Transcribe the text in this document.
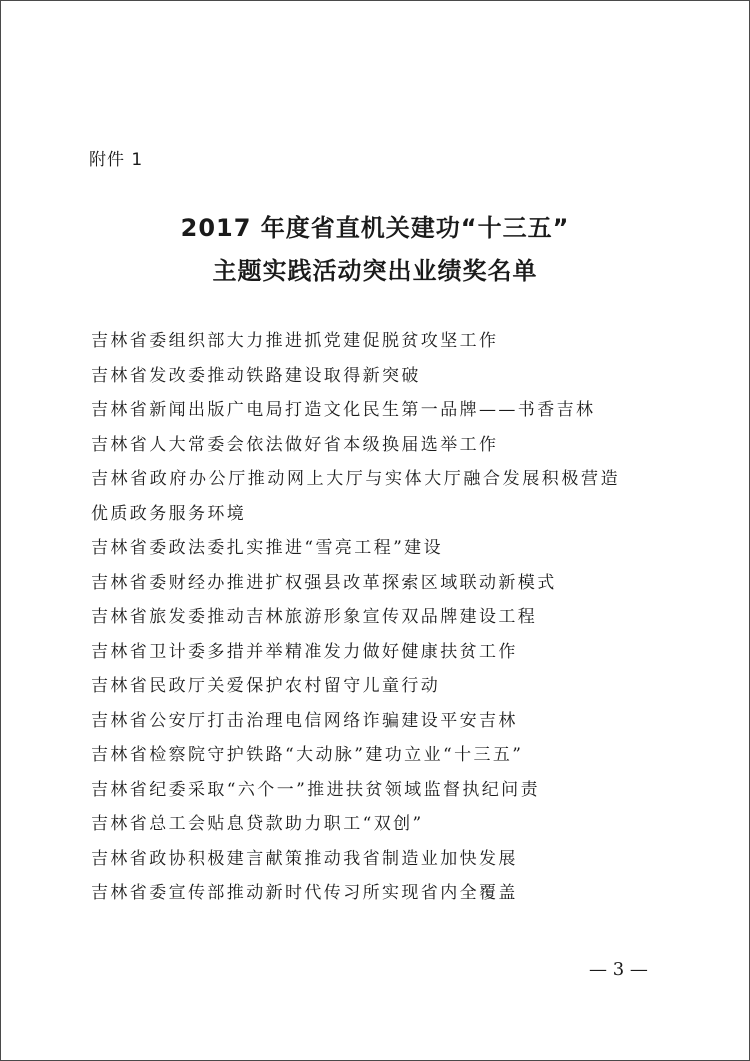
附件 1
2017 年度省直机关建功“十三五”
主题实践活动突出业绩奖名单
吉林省委组织部大力推进抓党建促脱贫攻坚工作
吉林省发改委推动铁路建设取得新突破
吉林省新闻出版广电局打造文化民生第一品牌——书香吉林
吉林省人大常委会依法做好省本级换届选举工作
吉林省政府办公厅推动网上大厅与实体大厅融合发展积极营造
优质政务服务环境
吉林省委政法委扎实推进“雪亮工程”建设
吉林省委财经办推进扩权强县改革探索区域联动新模式
吉林省旅发委推动吉林旅游形象宣传双品牌建设工程
吉林省卫计委多措并举精准发力做好健康扶贫工作
吉林省民政厅关爱保护农村留守儿童行动
吉林省公安厅打击治理电信网络诈骗建设平安吉林
吉林省检察院守护铁路“大动脉”建功立业“十三五”
吉林省纪委采取“六个一”推进扶贫领域监督执纪问责
吉林省总工会贴息贷款助力职工“双创”
吉林省政协积极建言献策推动我省制造业加快发展
吉林省委宣传部推动新时代传习所实现省内全覆盖
— 3 —
